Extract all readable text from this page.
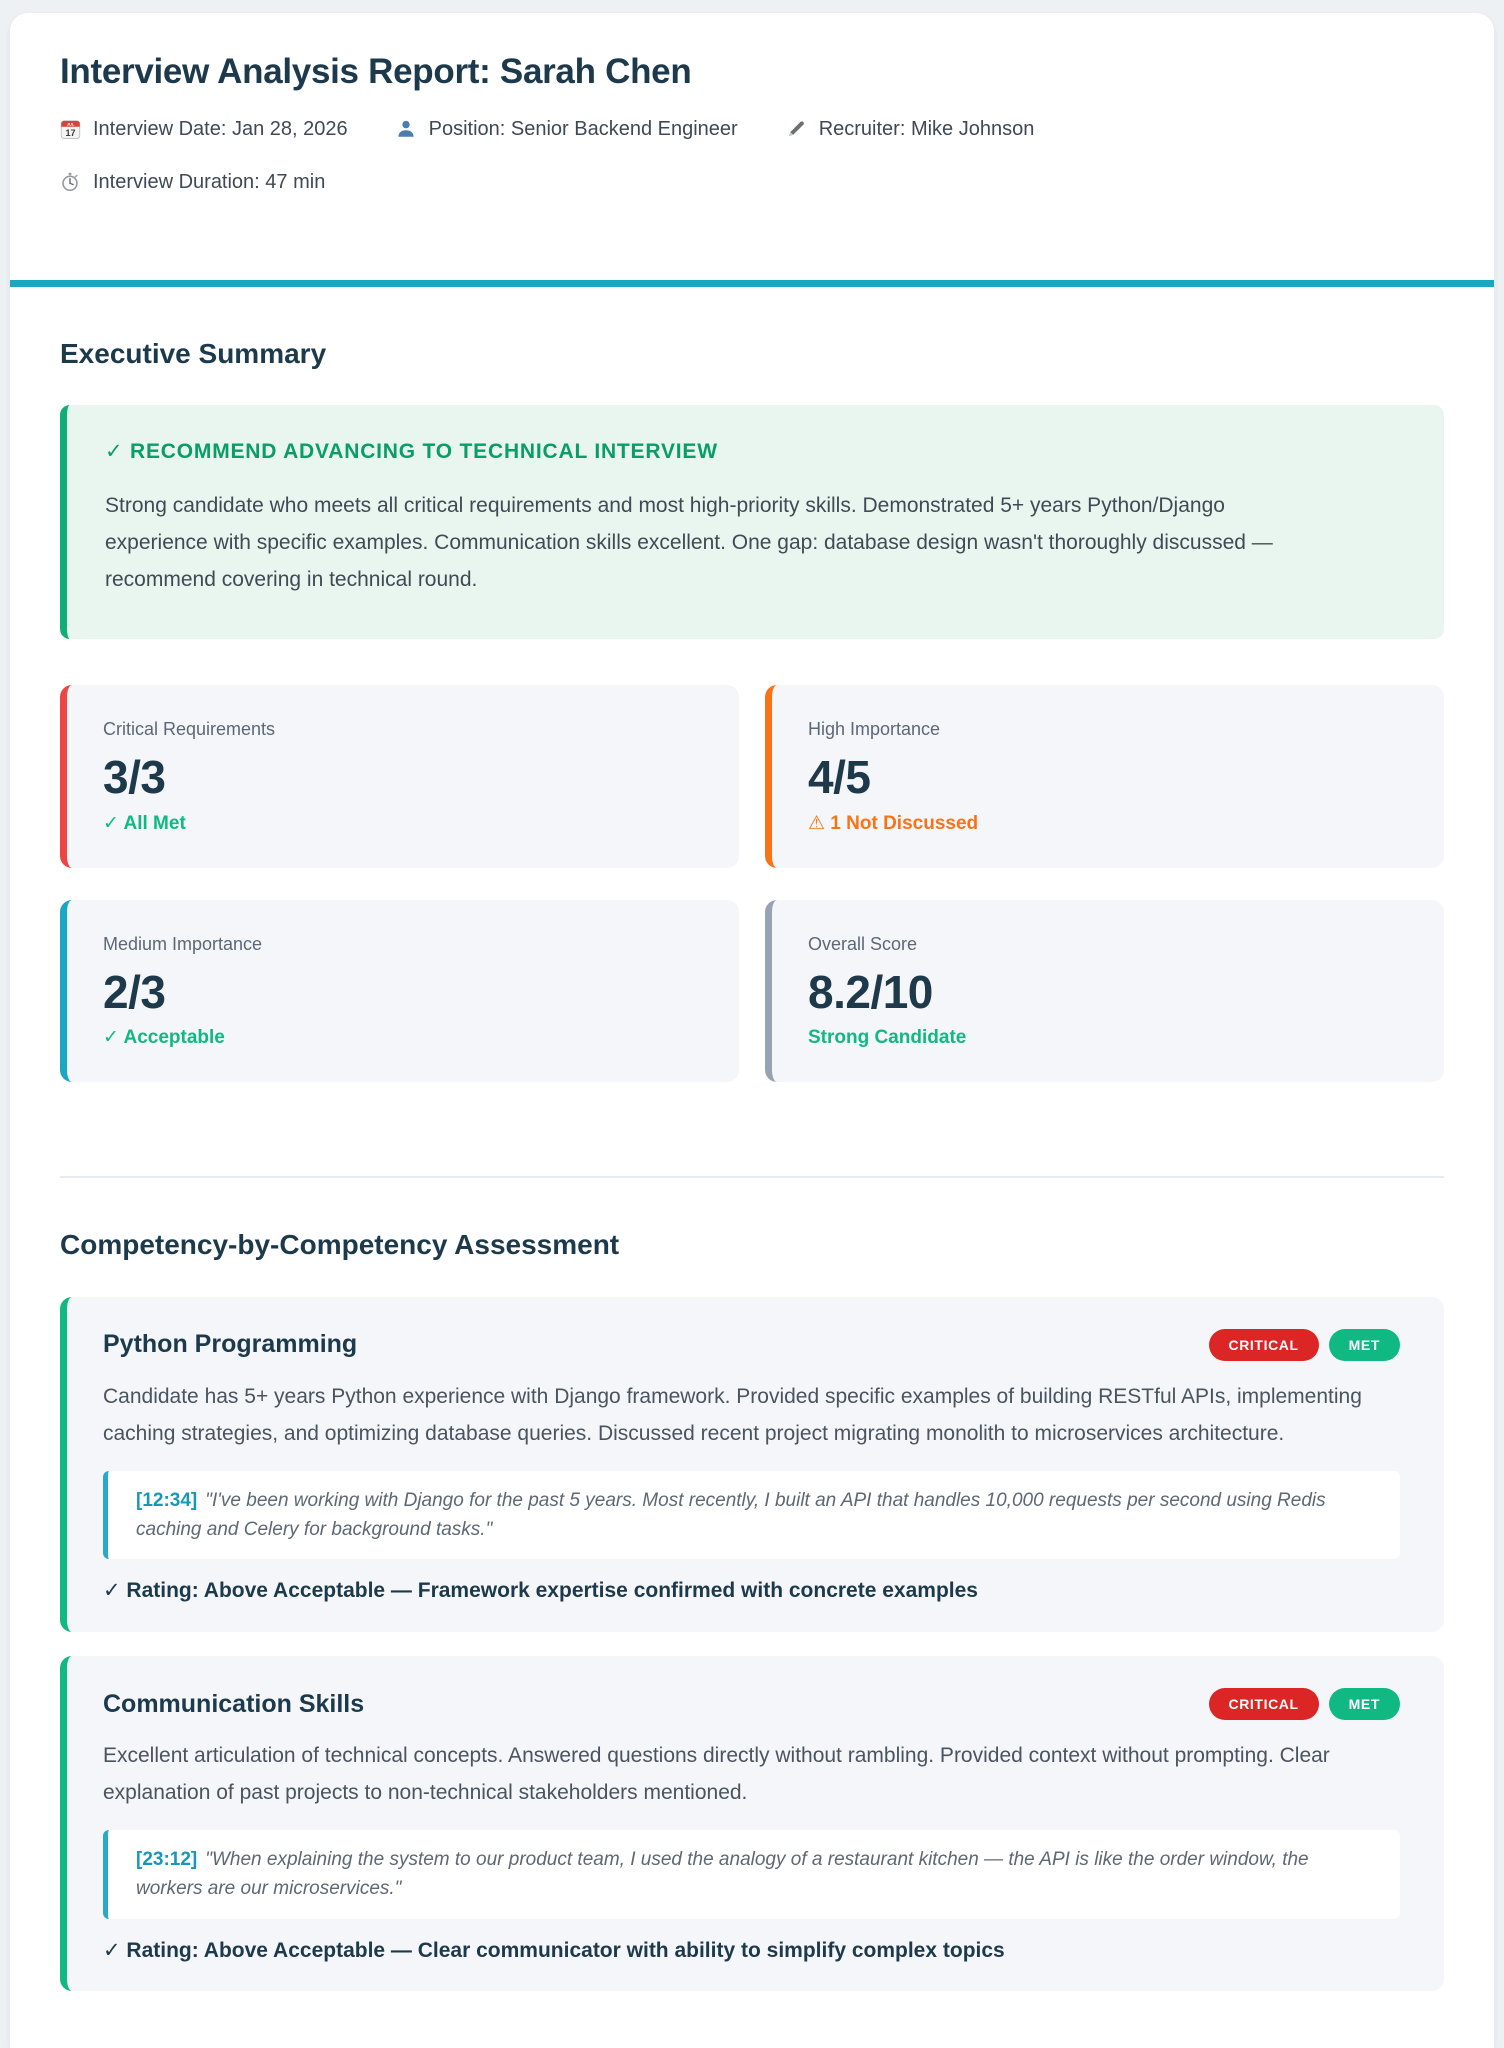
Interview Analysis Report: Sarah Chen
JUL
17 Interview Date: Jan 28, 2026	Position: Senior Backend Engineer	Recruiter: Mike Johnson
Interview Duration: 47 min
Executive Summary
✓ RECOMMEND ADVANCING TO TECHNICAL INTERVIEW

Strong candidate who meets all critical requirements and most high-priority skills. Demonstrated 5+ years Python/Django experience with specific examples. Communication skills excellent. One gap: database design wasn't thoroughly discussed — recommend covering in technical round.

Critical Requirements
3/3
✓ All Met
High Importance
4/5
⚠ 1 Not Discussed
Medium Importance
2/3
✓ Acceptable
Overall Score
8.2/10
Strong Candidate
Competency-by-Competency Assessment
Python Programming	CRITICAL	MET

Candidate has 5+ years Python experience with Django framework. Provided specific examples of building RESTful APIs, implementing caching strategies, and optimizing database queries. Discussed recent project migrating monolith to microservices architecture.

[12:34] "I've been working with Django for the past 5 years. Most recently, I built an API that handles 10,000 requests per second using Redis caching and Celery for background tasks."

✓ Rating: Above Acceptable — Framework expertise confirmed with concrete examples
Communication Skills	CRITICAL	MET

Excellent articulation of technical concepts. Answered questions directly without rambling. Provided context without prompting. Clear explanation of past projects to non-technical stakeholders mentioned.

[23:12] "When explaining the system to our product team, I used the analogy of a restaurant kitchen — the API is like the order window, the workers are our microservices."

✓ Rating: Above Acceptable — Clear communicator with ability to simplify complex topics
